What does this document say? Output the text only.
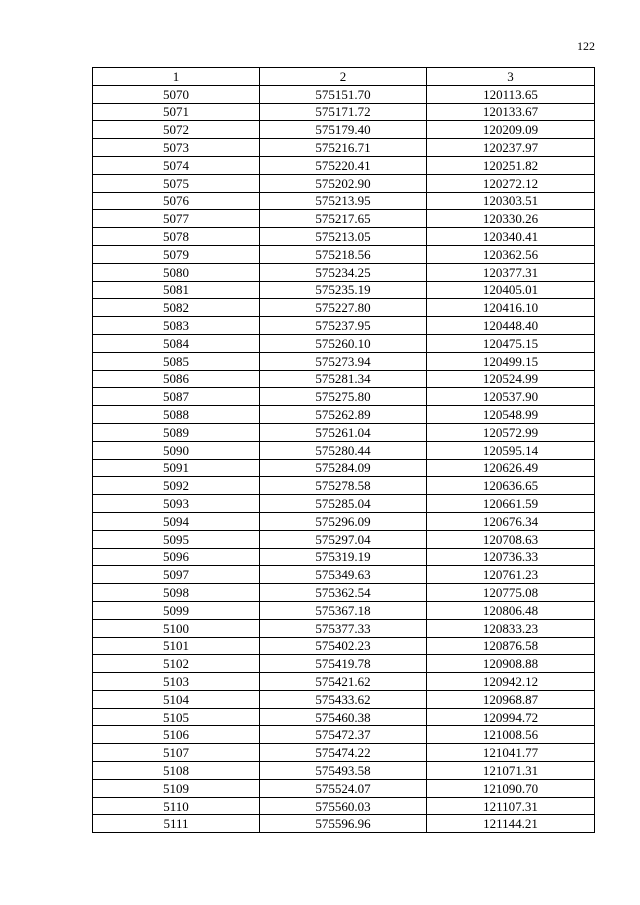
122
1	2	3
5070	575151.70	120113.65
5071	575171.72	120133.67
5072	575179.40	120209.09
5073	575216.71	120237.97
5074	575220.41	120251.82
5075	575202.90	120272.12
5076	575213.95	120303.51
5077	575217.65	120330.26
5078	575213.05	120340.41
5079	575218.56	120362.56
5080	575234.25	120377.31
5081	575235.19	120405.01
5082	575227.80	120416.10
5083	575237.95	120448.40
5084	575260.10	120475.15
5085	575273.94	120499.15
5086	575281.34	120524.99
5087	575275.80	120537.90
5088	575262.89	120548.99
5089	575261.04	120572.99
5090	575280.44	120595.14
5091	575284.09	120626.49
5092	575278.58	120636.65
5093	575285.04	120661.59
5094	575296.09	120676.34
5095	575297.04	120708.63
5096	575319.19	120736.33
5097	575349.63	120761.23
5098	575362.54	120775.08
5099	575367.18	120806.48
5100	575377.33	120833.23
5101	575402.23	120876.58
5102	575419.78	120908.88
5103	575421.62	120942.12
5104	575433.62	120968.87
5105	575460.38	120994.72
5106	575472.37	121008.56
5107	575474.22	121041.77
5108	575493.58	121071.31
5109	575524.07	121090.70
5110	575560.03	121107.31
5111	575596.96	121144.21
